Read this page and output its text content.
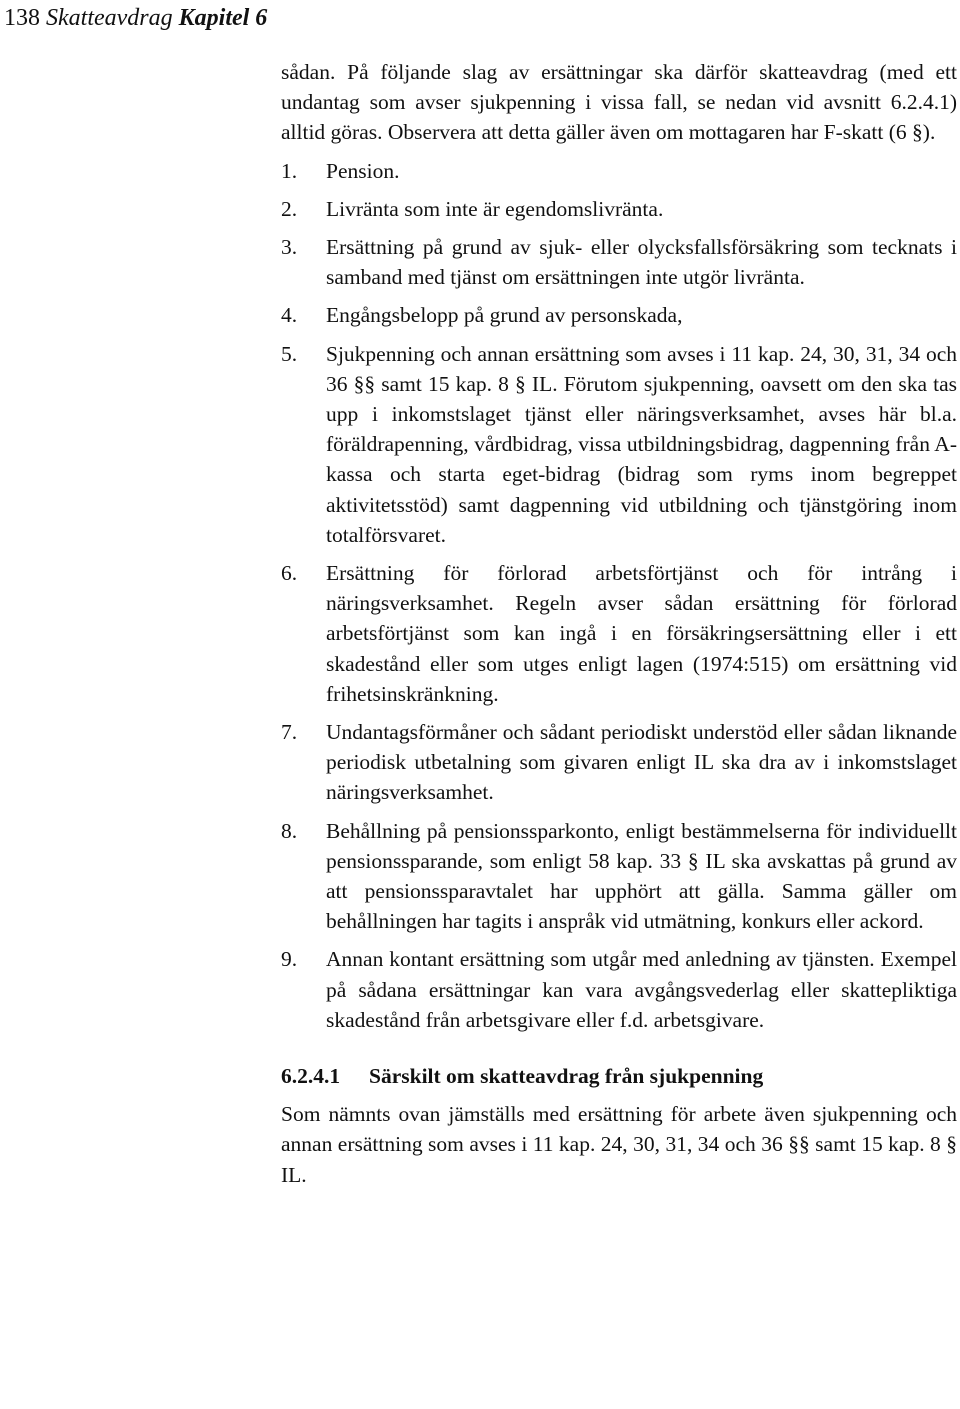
138 Skatteavdrag Kapitel 6

sådan. På följande slag av ersättningar ska därför skatteavdrag (med ett undantag som avser sjukpenning i vissa fall, se nedan vid avsnitt 6.2.4.1) alltid göras. Observera att detta gäller även om mottagaren har F-skatt (6 §).

1. Pension.

2. Livränta som inte är egendomslivränta.

3. Ersättning på grund av sjuk- eller olycksfallsförsäkring som tecknats i samband med tjänst om ersättningen inte utgör livränta.

4. Engångsbelopp på grund av personskada,

5. Sjukpenning och annan ersättning som avses i 11 kap. 24, 30, 31, 34 och 36 §§ samt 15 kap. 8 § IL. Förutom sjukpenning, oavsett om den ska tas upp i inkomstslaget tjänst eller näringsverksamhet, avses här bl.a. föräldrapenning, vårdbidrag, vissa utbildningsbidrag, dagpenning från A-kassa och starta eget-bidrag (bidrag som ryms inom begreppet aktivitetsstöd) samt dagpenning vid utbildning och tjänstgöring inom totalförsvaret.

6. Ersättning för förlorad arbetsförtjänst och för intrång i näringsverksamhet. Regeln avser sådan ersättning för förlorad arbetsförtjänst som kan ingå i en försäkringsersättning eller i ett skadestånd eller som utges enligt lagen (1974:515) om ersättning vid frihetsinskränkning.

7. Undantagsförmåner och sådant periodiskt understöd eller sådan liknande periodisk utbetalning som givaren enligt IL ska dra av i inkomstslaget näringsverksamhet.

8. Behållning på pensionssparkonto, enligt bestämmelserna för individuellt pensionssparande, som enligt 58 kap. 33 § IL ska avskattas på grund av att pensionssparavtalet har upphört att gälla. Samma gäller om behållningen har tagits i anspråk vid utmätning, konkurs eller ackord.

9. Annan kontant ersättning som utgår med anledning av tjänsten. Exempel på sådana ersättningar kan vara avgångsvederlag eller skattepliktiga skadestånd från arbetsgivare eller f.d. arbetsgivare.

6.2.4.1 Särskilt om skatteavdrag från sjukpenning

Som nämnts ovan jämställs med ersättning för arbete även sjukpenning och annan ersättning som avses i 11 kap. 24, 30, 31, 34 och 36 §§ samt 15 kap. 8 § IL.
